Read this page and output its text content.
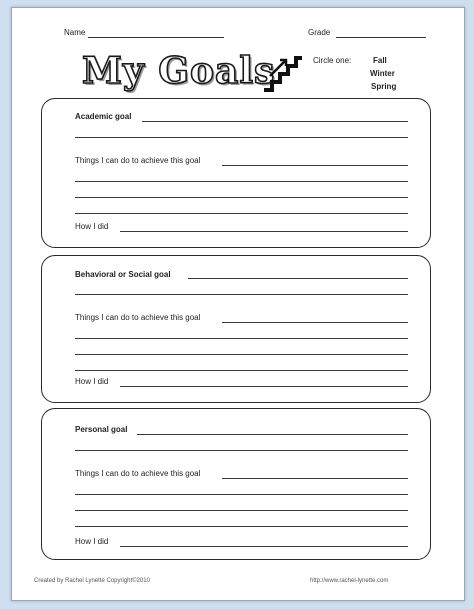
Name	Grade
My Goals	Circle one:	Fall
Winter
Spring
Academic goal
Things I can do to achieve this goal
How I did
Behavioral or Social goal
Things I can do to achieve this goal
How I did
Personal goal
Things I can do to achieve this goal
How I did
Created by Rachel Lynette Copyright©2010	http://www.rachel-lynette.com
